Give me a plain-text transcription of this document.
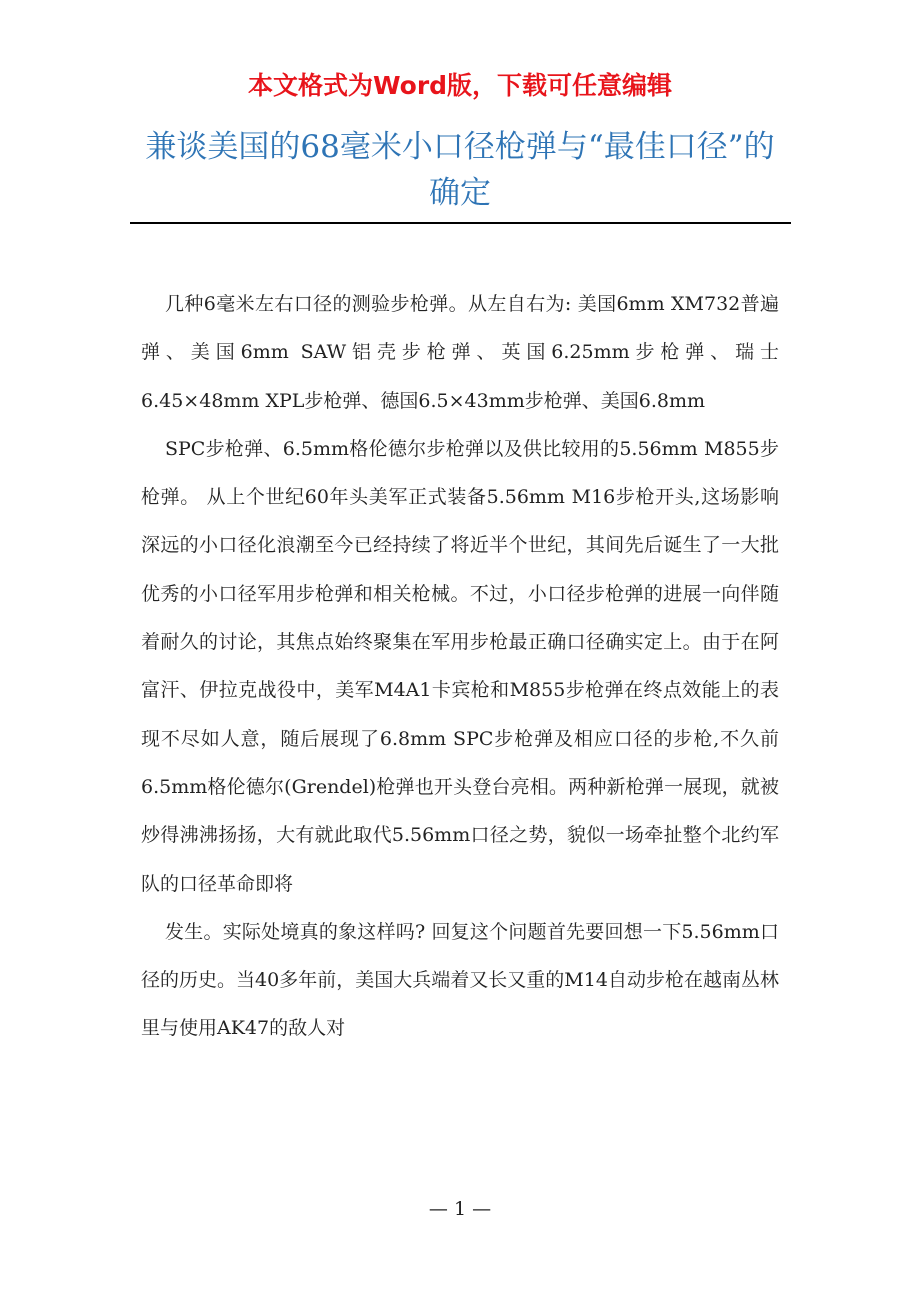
本文格式为Word版，下载可任意编辑
兼谈美国的68毫米小口径枪弹与“最佳口径”的确定

几种6毫米左右口径的测验步枪弹。从左自右为: 美国6mm XM732普遍弹、美国6mm SAW铝壳步枪弹、英国6.25mm步枪弹、瑞士6.45×48mm XPL步枪弹、德国6.5×43mm步枪弹、美国6.8mm

SPC步枪弹、6.5mm格伦德尔步枪弹以及供比较用的5.56mm M855步枪弹。 从上个世纪60年头美军正式装备5.56mm M16步枪开头,这场影响深远的小口径化浪潮至今已经持续了将近半个世纪，其间先后诞生了一大批优秀的小口径军用步枪弹和相关枪械。不过，小口径步枪弹的进展一向伴随着耐久的讨论，其焦点始终聚集在军用步枪最正确口径确实定上。由于在阿富汗、伊拉克战役中，美军M4A1卡宾枪和M855步枪弹在终点效能上的表现不尽如人意，随后展现了6.8mm SPC步枪弹及相应口径的步枪,不久前6.5mm格伦德尔(Grendel)枪弹也开头登台亮相。两种新枪弹一展现，就被炒得沸沸扬扬，大有就此取代5.56mm口径之势，貌似一场牵扯整个北约军队的口径革命即将

发生。实际处境真的象这样吗? 回复这个问题首先要回想一下5.56mm口径的历史。当40多年前，美国大兵端着又长又重的M14自动步枪在越南丛林里与使用AK47的敌人对

— 1 —
